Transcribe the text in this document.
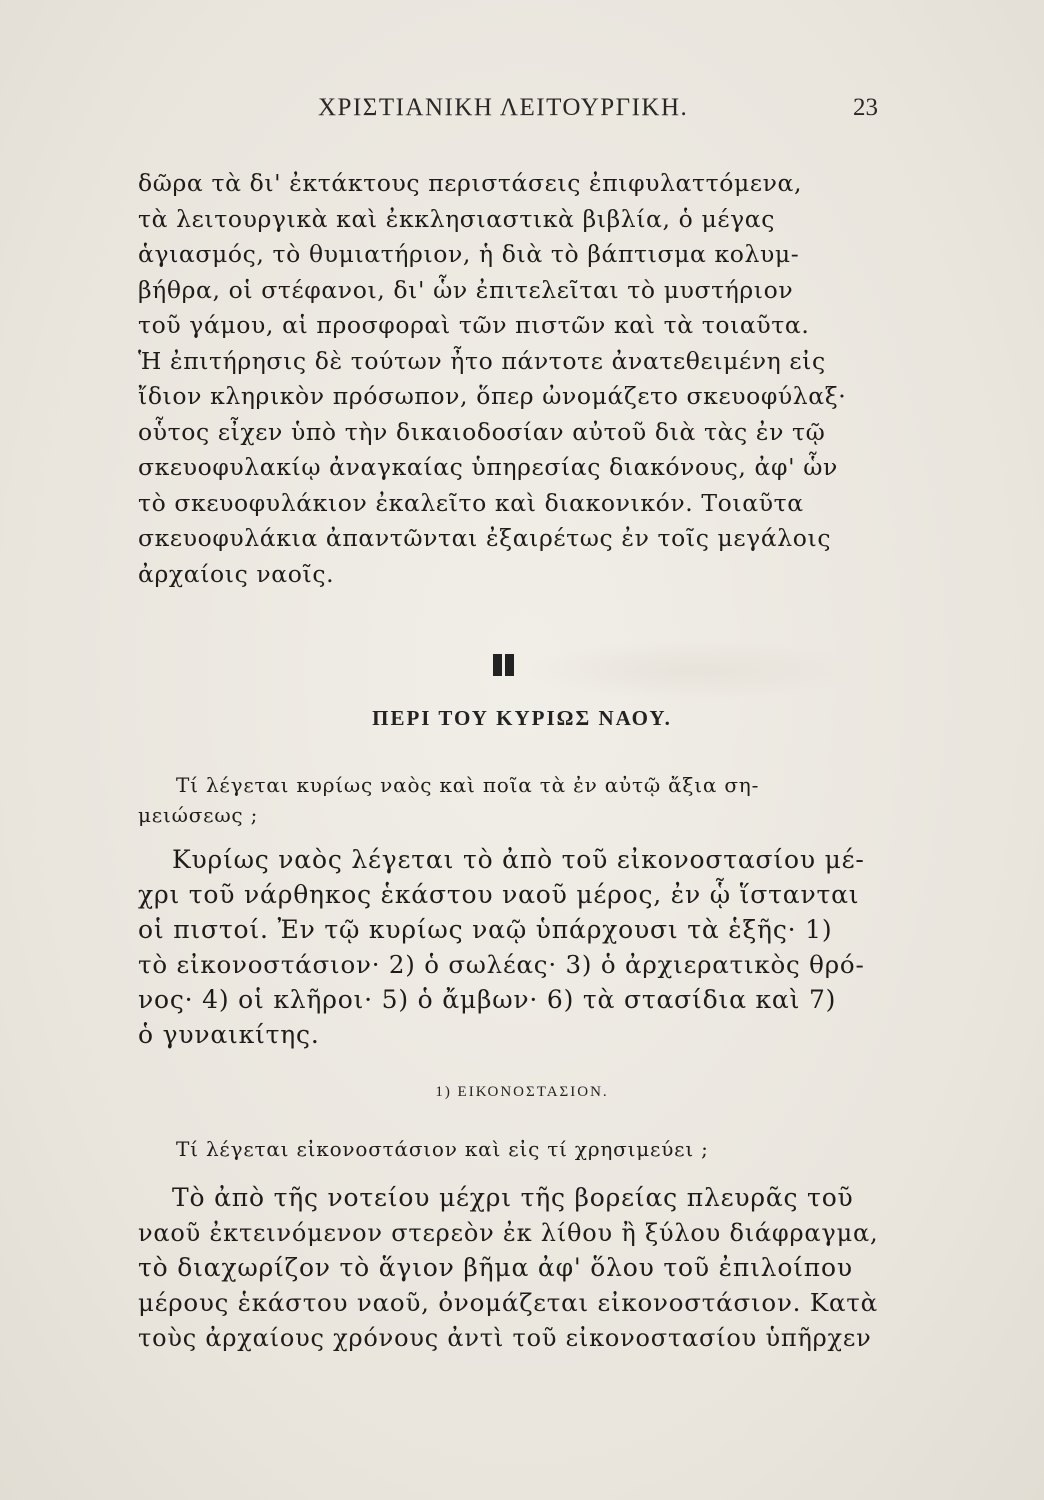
ΧΡΙΣΤΙΑΝΙΚΗ ΛΕΙΤΟΥΡΓΙΚΗ.	23
δῶρα τὰ δι' ἐκτάκτους περιστάσεις ἐπιφυλαττόμενα,
τὰ λειτουργικὰ καὶ ἐκκλησιαστικὰ βιβλία, ὁ μέγας
ἁγιασμός, τὸ θυμιατήριον, ἡ διὰ τὸ βάπτισμα κολυμ-
βήθρα, οἱ στέφανοι, δι' ὧν ἐπιτελεῖται τὸ μυστήριον
τοῦ γάμου, αἱ προσφοραὶ τῶν πιστῶν καὶ τὰ τοιαῦτα.
Ἡ ἐπιτήρησις δὲ τούτων ἦτο πάντοτε ἀνατεθειμένη εἰς
ἴδιον κληρικὸν πρόσωπον, ὅπερ ὠνομάζετο σκευοφύλαξ·
οὗτος εἶχεν ὑπὸ τὴν δικαιοδοσίαν αὐτοῦ διὰ τὰς ἐν τῷ
σκευοφυλακίῳ ἀναγκαίας ὑπηρεσίας διακόνους, ἀφ' ὧν
τὸ σκευοφυλάκιον ἐκαλεῖτο καὶ διακονικόν. Τοιαῦτα
σκευοφυλάκια ἀπαντῶνται ἐξαιρέτως ἐν τοῖς μεγάλοις
ἀρχαίοις ναοῖς.
ΠΕΡΙ ΤΟΥ ΚΥΡΙΩΣ ΝΑΟΥ.
Τί λέγεται κυρίως ναὸς καὶ ποῖα τὰ ἐν αὐτῷ ἄξια ση-
μειώσεως ;
Κυρίως ναὸς λέγεται τὸ ἀπὸ τοῦ εἰκονοστασίου μέ-
χρι τοῦ νάρθηκος ἑκάστου ναοῦ μέρος, ἐν ᾧ ἵστανται
οἱ πιστοί. Ἐν τῷ κυρίως ναῷ ὑπάρχουσι τὰ ἑξῆς· 1)
τὸ εἰκονοστάσιον· 2) ὁ σωλέας· 3) ὁ ἀρχιερατικὸς θρό-
νος· 4) οἱ κλῆροι· 5) ὁ ἄμβων· 6) τὰ στασίδια καὶ 7)
ὁ γυναικίτης.
1) ΕΙΚΟΝΟΣΤΑΣΙΟΝ.
Τί λέγεται εἰκονοστάσιον καὶ εἰς τί χρησιμεύει ;
Τὸ ἀπὸ τῆς νοτείου μέχρι τῆς βορείας πλευρᾶς τοῦ
ναοῦ ἐκτεινόμενον στερεὸν ἐκ λίθου ἢ ξύλου διάφραγμα,
τὸ διαχωρίζον τὸ ἅγιον βῆμα ἀφ' ὅλου τοῦ ἐπιλοίπου
μέρους ἑκάστου ναοῦ, ὀνομάζεται εἰκονοστάσιον. Κατὰ
τοὺς ἀρχαίους χρόνους ἀντὶ τοῦ εἰκονοστασίου ὑπῆρχεν
